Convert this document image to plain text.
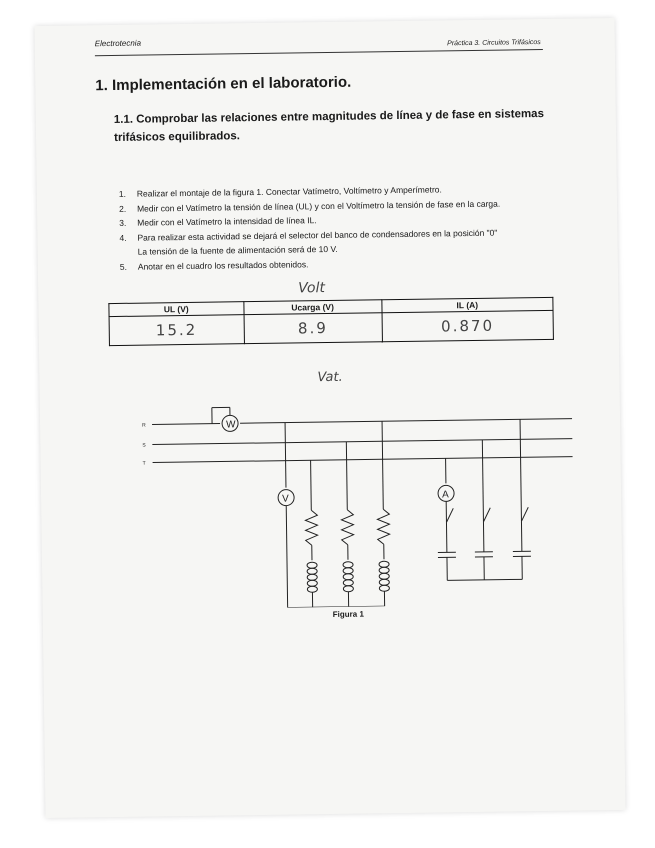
Electrotecnia	Práctica 3. Circuitos Trifásicos
1. Implementación en el laboratorio.
1.1. Comprobar las relaciones entre magnitudes de línea y de fase en sistemas trifásicos equilibrados.
1.	Realizar el montaje de la figura 1. Conectar Vatímetro, Voltímetro y Amperímetro.
2.	Medir con el Vatímetro la tensión de línea (UL) y con el Voltímetro la tensión de fase en la carga.
3.	Medir con el Vatímetro la intensidad de línea IL.
4.	Para realizar esta actividad se dejará el selector del banco de condensadores en la posición "0"
La tensión de la fuente de alimentación será de 10 V.
5.	Anotar en el cuadro los resultados obtenidos.
Volt
UL (V)	Ucarga (V)	IL (A)
15.2	8.9	0.870
Vat.
R
S
T
W
V	A
Figura 1
